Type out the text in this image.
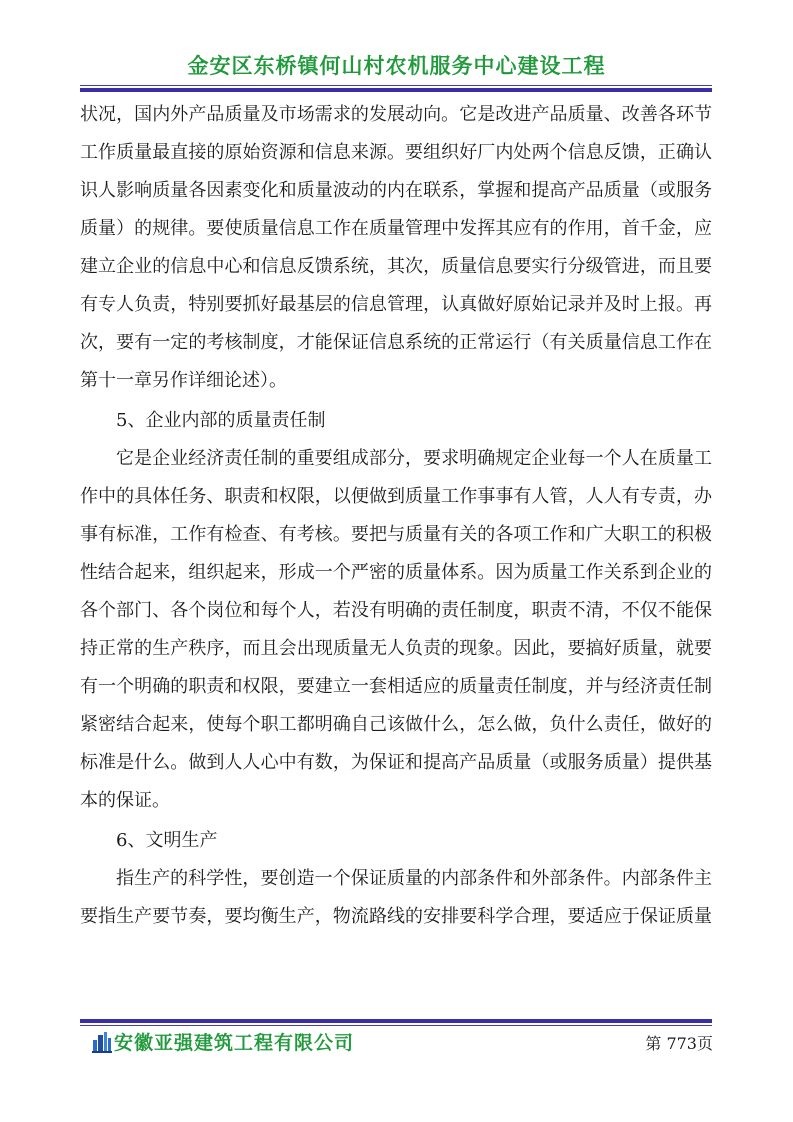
金安区东桥镇何山村农机服务中心建设工程
状况，国内外产品质量及市场需求的发展动向。它是改进产品质量、改善各环节
工作质量最直接的原始资源和信息来源。要组织好厂内处两个信息反馈，正确认
识人影响质量各因素变化和质量波动的内在联系，掌握和提高产品质量（或服务
质量）的规律。要使质量信息工作在质量管理中发挥其应有的作用，首千金，应
建立企业的信息中心和信息反馈系统，其次，质量信息要实行分级管进，而且要
有专人负责，特别要抓好最基层的信息管理，认真做好原始记录并及时上报。再
次，要有一定的考核制度，才能保证信息系统的正常运行（有关质量信息工作在
第十一章另作详细论述）。
5、企业内部的质量责任制
它是企业经济责任制的重要组成部分，要求明确规定企业每一个人在质量工
作中的具体任务、职责和权限，以便做到质量工作事事有人管，人人有专责，办
事有标准，工作有检查、有考核。要把与质量有关的各项工作和广大职工的积极
性结合起来，组织起来，形成一个严密的质量体系。因为质量工作关系到企业的
各个部门、各个岗位和每个人，若没有明确的责任制度，职责不清，不仅不能保
持正常的生产秩序，而且会出现质量无人负责的现象。因此，要搞好质量，就要
有一个明确的职责和权限，要建立一套相适应的质量责任制度，并与经济责任制
紧密结合起来，使每个职工都明确自己该做什么，怎么做，负什么责任，做好的
标准是什么。做到人人心中有数，为保证和提高产品质量（或服务质量）提供基
本的保证。
6、文明生产
指生产的科学性，要创造一个保证质量的内部条件和外部条件。内部条件主
要指生产要节奏，要均衡生产，物流路线的安排要科学合理，要适应于保证质量
安徽亚强建筑工程有限公司	第 773页
